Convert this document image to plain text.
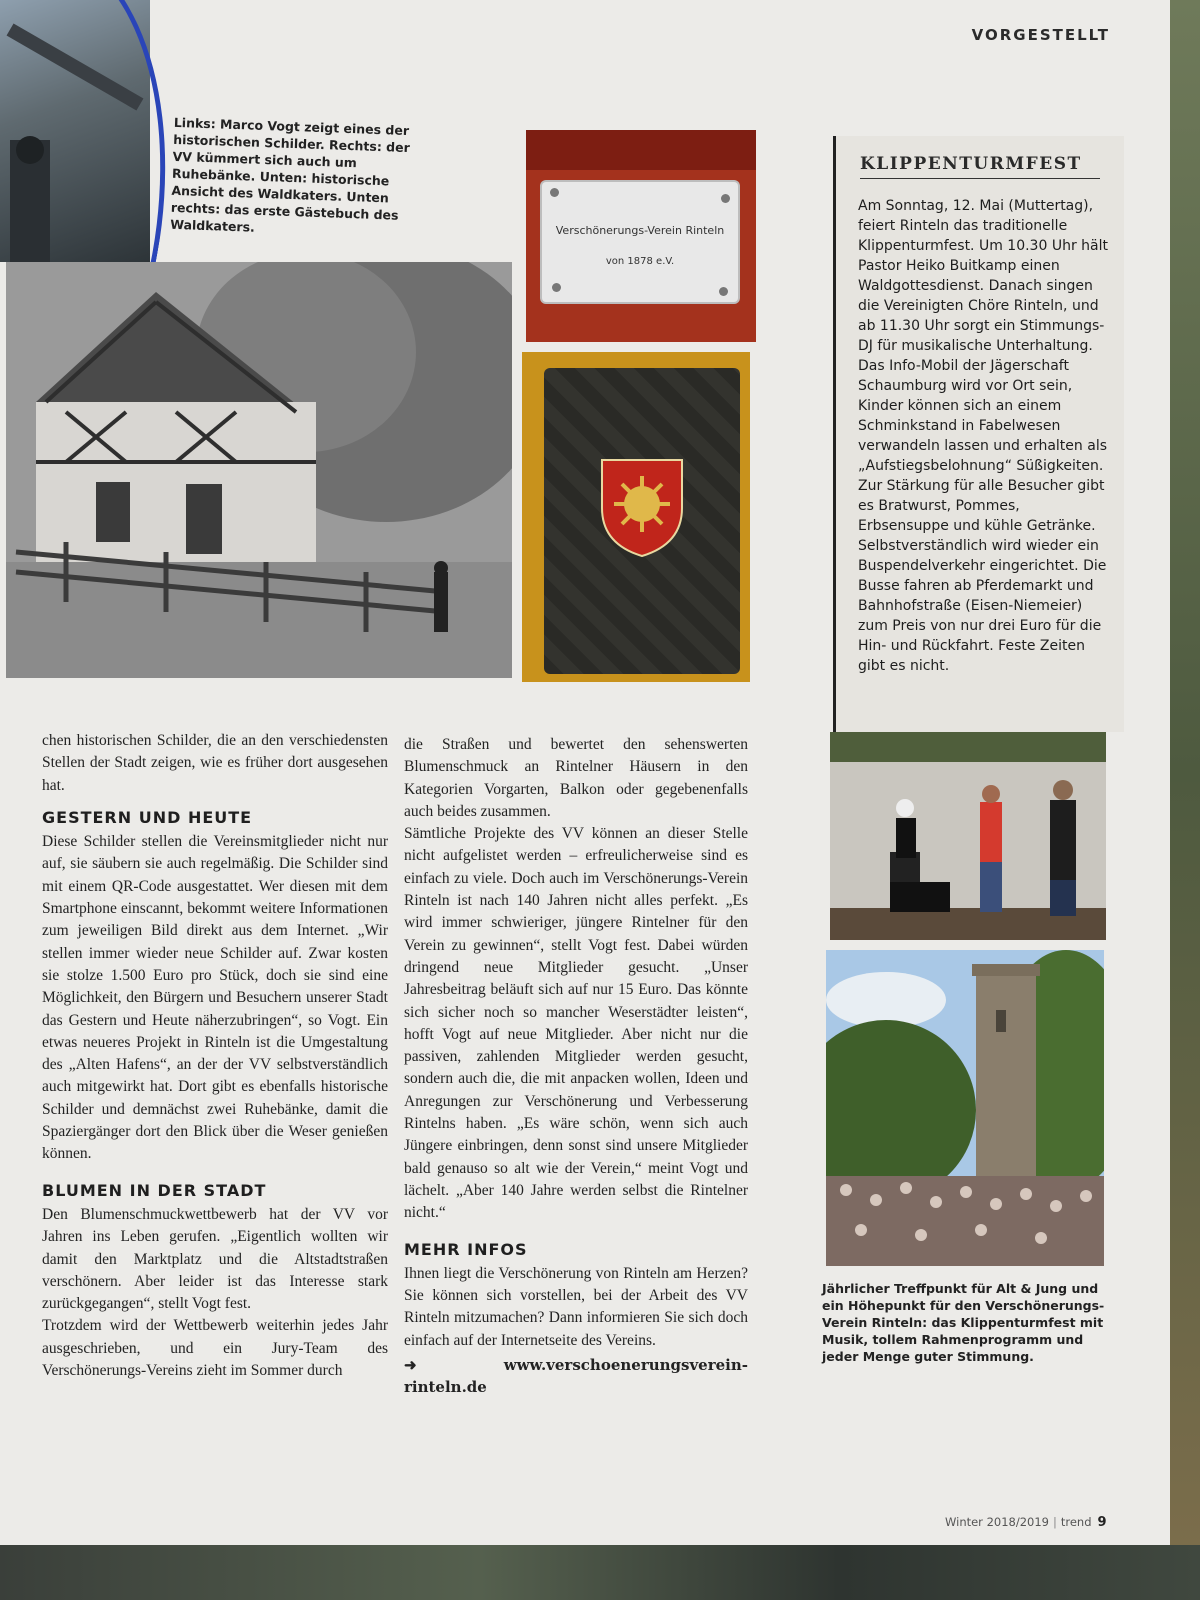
VORGESTELLT
Links: Marco Vogt zeigt eines der historischen Schilder. Rechts: der VV kümmert sich auch um Ruhebänke. Unten: historische Ansicht des Waldkaters. Unten rechts: das erste Gästebuch des Waldkaters.	Verschönerungs-Verein Rinteln
von 1878 e.V.
KLIPPENTURMFEST
Am Sonntag, 12. Mai (Muttertag), feiert Rinteln das traditionelle Klippenturmfest. Um 10.30 Uhr hält Pastor Heiko Buitkamp einen Waldgottesdienst. Danach singen die Vereinigten Chöre Rinteln, und ab 11.30 Uhr sorgt ein Stimmungs-DJ für musikalische Unterhaltung. Das Info-Mobil der Jägerschaft Schaumburg wird vor Ort sein, Kinder können sich an einem Schminkstand in Fabelwesen verwandeln lassen und erhalten als „Aufstiegsbelohnung“ Süßigkeiten. Zur Stärkung für alle Besucher gibt es Bratwurst, Pommes, Erbsensuppe und kühle Getränke. Selbstverständlich wird wieder ein Buspendelverkehr eingerichtet. Die Busse fahren ab Pferdemarkt und Bahnhofstraße (Eisen-Niemeier) zum Preis von nur drei Euro für die Hin- und Rückfahrt. Feste Zeiten gibt es nicht.
Jährlicher Treffpunkt für Alt & Jung und ein Höhepunkt für den Verschönerungs-Verein Rinteln: das Klippenturmfest mit Musik, tollem Rahmenprogramm und jeder Menge guter Stimmung.

chen historischen Schilder, die an den verschiedensten Stellen der Stadt zeigen, wie es früher dort ausgesehen hat.

GESTERN UND HEUTE

Diese Schilder stellen die Vereinsmitglieder nicht nur auf, sie säubern sie auch regelmäßig. Die Schilder sind mit einem QR-Code ausgestattet. Wer diesen mit dem Smartphone einscannt, bekommt weitere Informationen zum jeweiligen Bild direkt aus dem Internet. „Wir stellen immer wieder neue Schilder auf. Zwar kosten sie stolze 1.500 Euro pro Stück, doch sie sind eine Möglichkeit, den Bürgern und Besuchern unserer Stadt das Gestern und Heute näherzubringen“, so Vogt. Ein etwas neueres Projekt in Rinteln ist die Umgestaltung des „Alten Hafens“, an der der VV selbstverständlich auch mitgewirkt hat. Dort gibt es ebenfalls historische Schilder und demnächst zwei Ruhebänke, damit die Spaziergänger dort den Blick über die Weser genießen können.

BLUMEN IN DER STADT

Den Blumenschmuckwettbewerb hat der VV vor Jahren ins Leben gerufen. „Eigentlich wollten wir damit den Marktplatz und die Altstadtstraßen verschönern. Aber leider ist das Interesse stark zurückgegangen“, stellt Vogt fest.

Trotzdem wird der Wettbewerb weiterhin jedes Jahr ausgeschrieben, und ein Jury-Team des Verschönerungs-Vereins zieht im Sommer durch

die Straßen und bewertet den sehenswerten Blumenschmuck an Rintelner Häusern in den Kategorien Vorgarten, Balkon oder gegebenenfalls auch beides zusammen.

Sämtliche Projekte des VV können an dieser Stelle nicht aufgelistet werden – erfreulicherweise sind es einfach zu viele. Doch auch im Verschönerungs-Verein Rinteln ist nach 140 Jahren nicht alles perfekt. „Es wird immer schwieriger, jüngere Rintelner für den Verein zu gewinnen“, stellt Vogt fest. Dabei würden dringend neue Mitglieder gesucht. „Unser Jahresbeitrag beläuft sich auf nur 15 Euro. Das könnte sich sicher noch so mancher Weserstädter leisten“, hofft Vogt auf neue Mitglieder. Aber nicht nur die passiven, zahlenden Mitglieder werden gesucht, sondern auch die, die mit anpacken wollen, Ideen und Anregungen zur Verschönerung und Verbesserung Rintelns haben. „Es wäre schön, wenn sich auch Jüngere einbringen, denn sonst sind unsere Mitglieder bald genauso so alt wie der Verein,“ meint Vogt und lächelt. „Aber 140 Jahre werden selbst die Rintelner nicht.“

MEHR INFOS

Ihnen liegt die Verschönerung von Rinteln am Herzen? Sie können sich vorstellen, bei der Arbeit des VV Rinteln mitzumachen? Dann informieren Sie sich doch einfach auf der Internetseite des Vereins.

➜ www.verschoenerungsverein-rinteln.de
Winter 2018/2019 | trend 9
